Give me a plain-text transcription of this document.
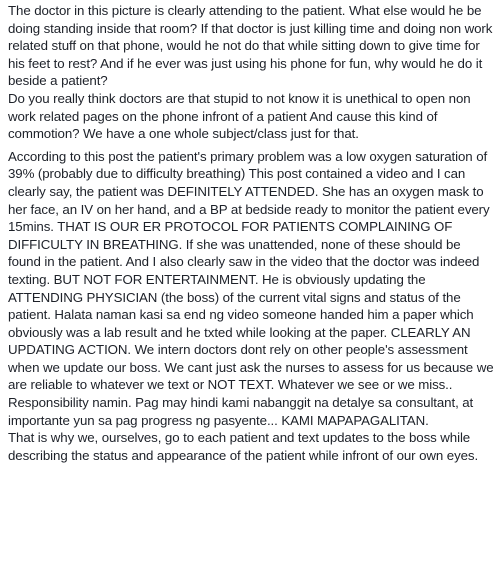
The doctor in this picture is clearly attending to the patient. What else would he be doing standing inside that room? If that doctor is just killing time and doing non work related stuff on that phone, would he not do that while sitting down to give time for his feet to rest? And if he ever was just using his phone for fun, why would he do it beside a patient?

Do you really think doctors are that stupid to not know it is unethical to open non work related pages on the phone infront of a patient And cause this kind of commotion? We have a one whole subject/class just for that.

According to this post the patient's primary problem was a low oxygen saturation of 39% (probably due to difficulty breathing) This post contained a video and I can clearly say, the patient was DEFINITELY ATTENDED. She has an oxygen mask to her face, an IV on her hand, and a BP at bedside ready to monitor the patient every 15mins. THAT IS OUR ER PROTOCOL FOR PATIENTS COMPLAINING OF DIFFICULTY IN BREATHING. If she was unattended, none of these should be found in the patient. And I also clearly saw in the video that the doctor was indeed texting. BUT NOT FOR ENTERTAINMENT. He is obviously updating the ATTENDING PHYSICIAN (the boss) of the current vital signs and status of the patient. Halata naman kasi sa end ng video someone handed him a paper which obviously was a lab result and he txted while looking at the paper. CLEARLY AN UPDATING ACTION. We intern doctors dont rely on other people's assessment when we update our boss. We cant just ask the nurses to assess for us because we are reliable to whatever we text or NOT TEXT. Whatever we see or we miss.. Responsibility namin. Pag may hindi kami nabanggit na detalye sa consultant, at importante yun sa pag progress ng pasyente... KAMI MAPAPAGALITAN.

That is why we, ourselves, go to each patient and text updates to the boss while describing the status and appearance of the patient while infront of our own eyes.
